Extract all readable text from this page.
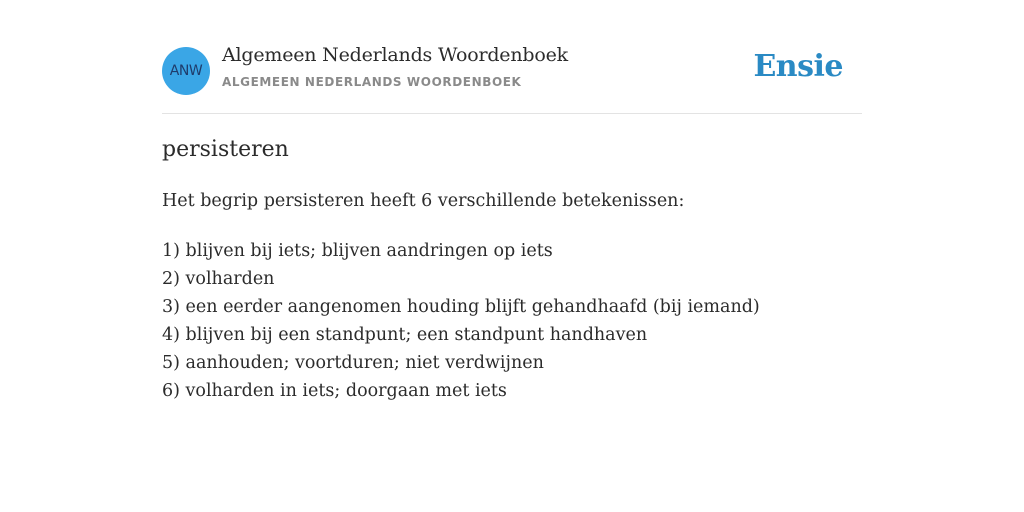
ANW
Algemeen Nederlands Woordenboek
ALGEMEEN NEDERLANDS WOORDENBOEK	Ensie
persisteren

Het begrip persisteren heeft 6 verschillende betekenissen:

1) blijven bij iets; blijven aandringen op iets
2) volharden
3) een eerder aangenomen houding blijft gehandhaafd (bij iemand)
4) blijven bij een standpunt; een standpunt handhaven
5) aanhouden; voortduren; niet verdwijnen
6) volharden in iets; doorgaan met iets
